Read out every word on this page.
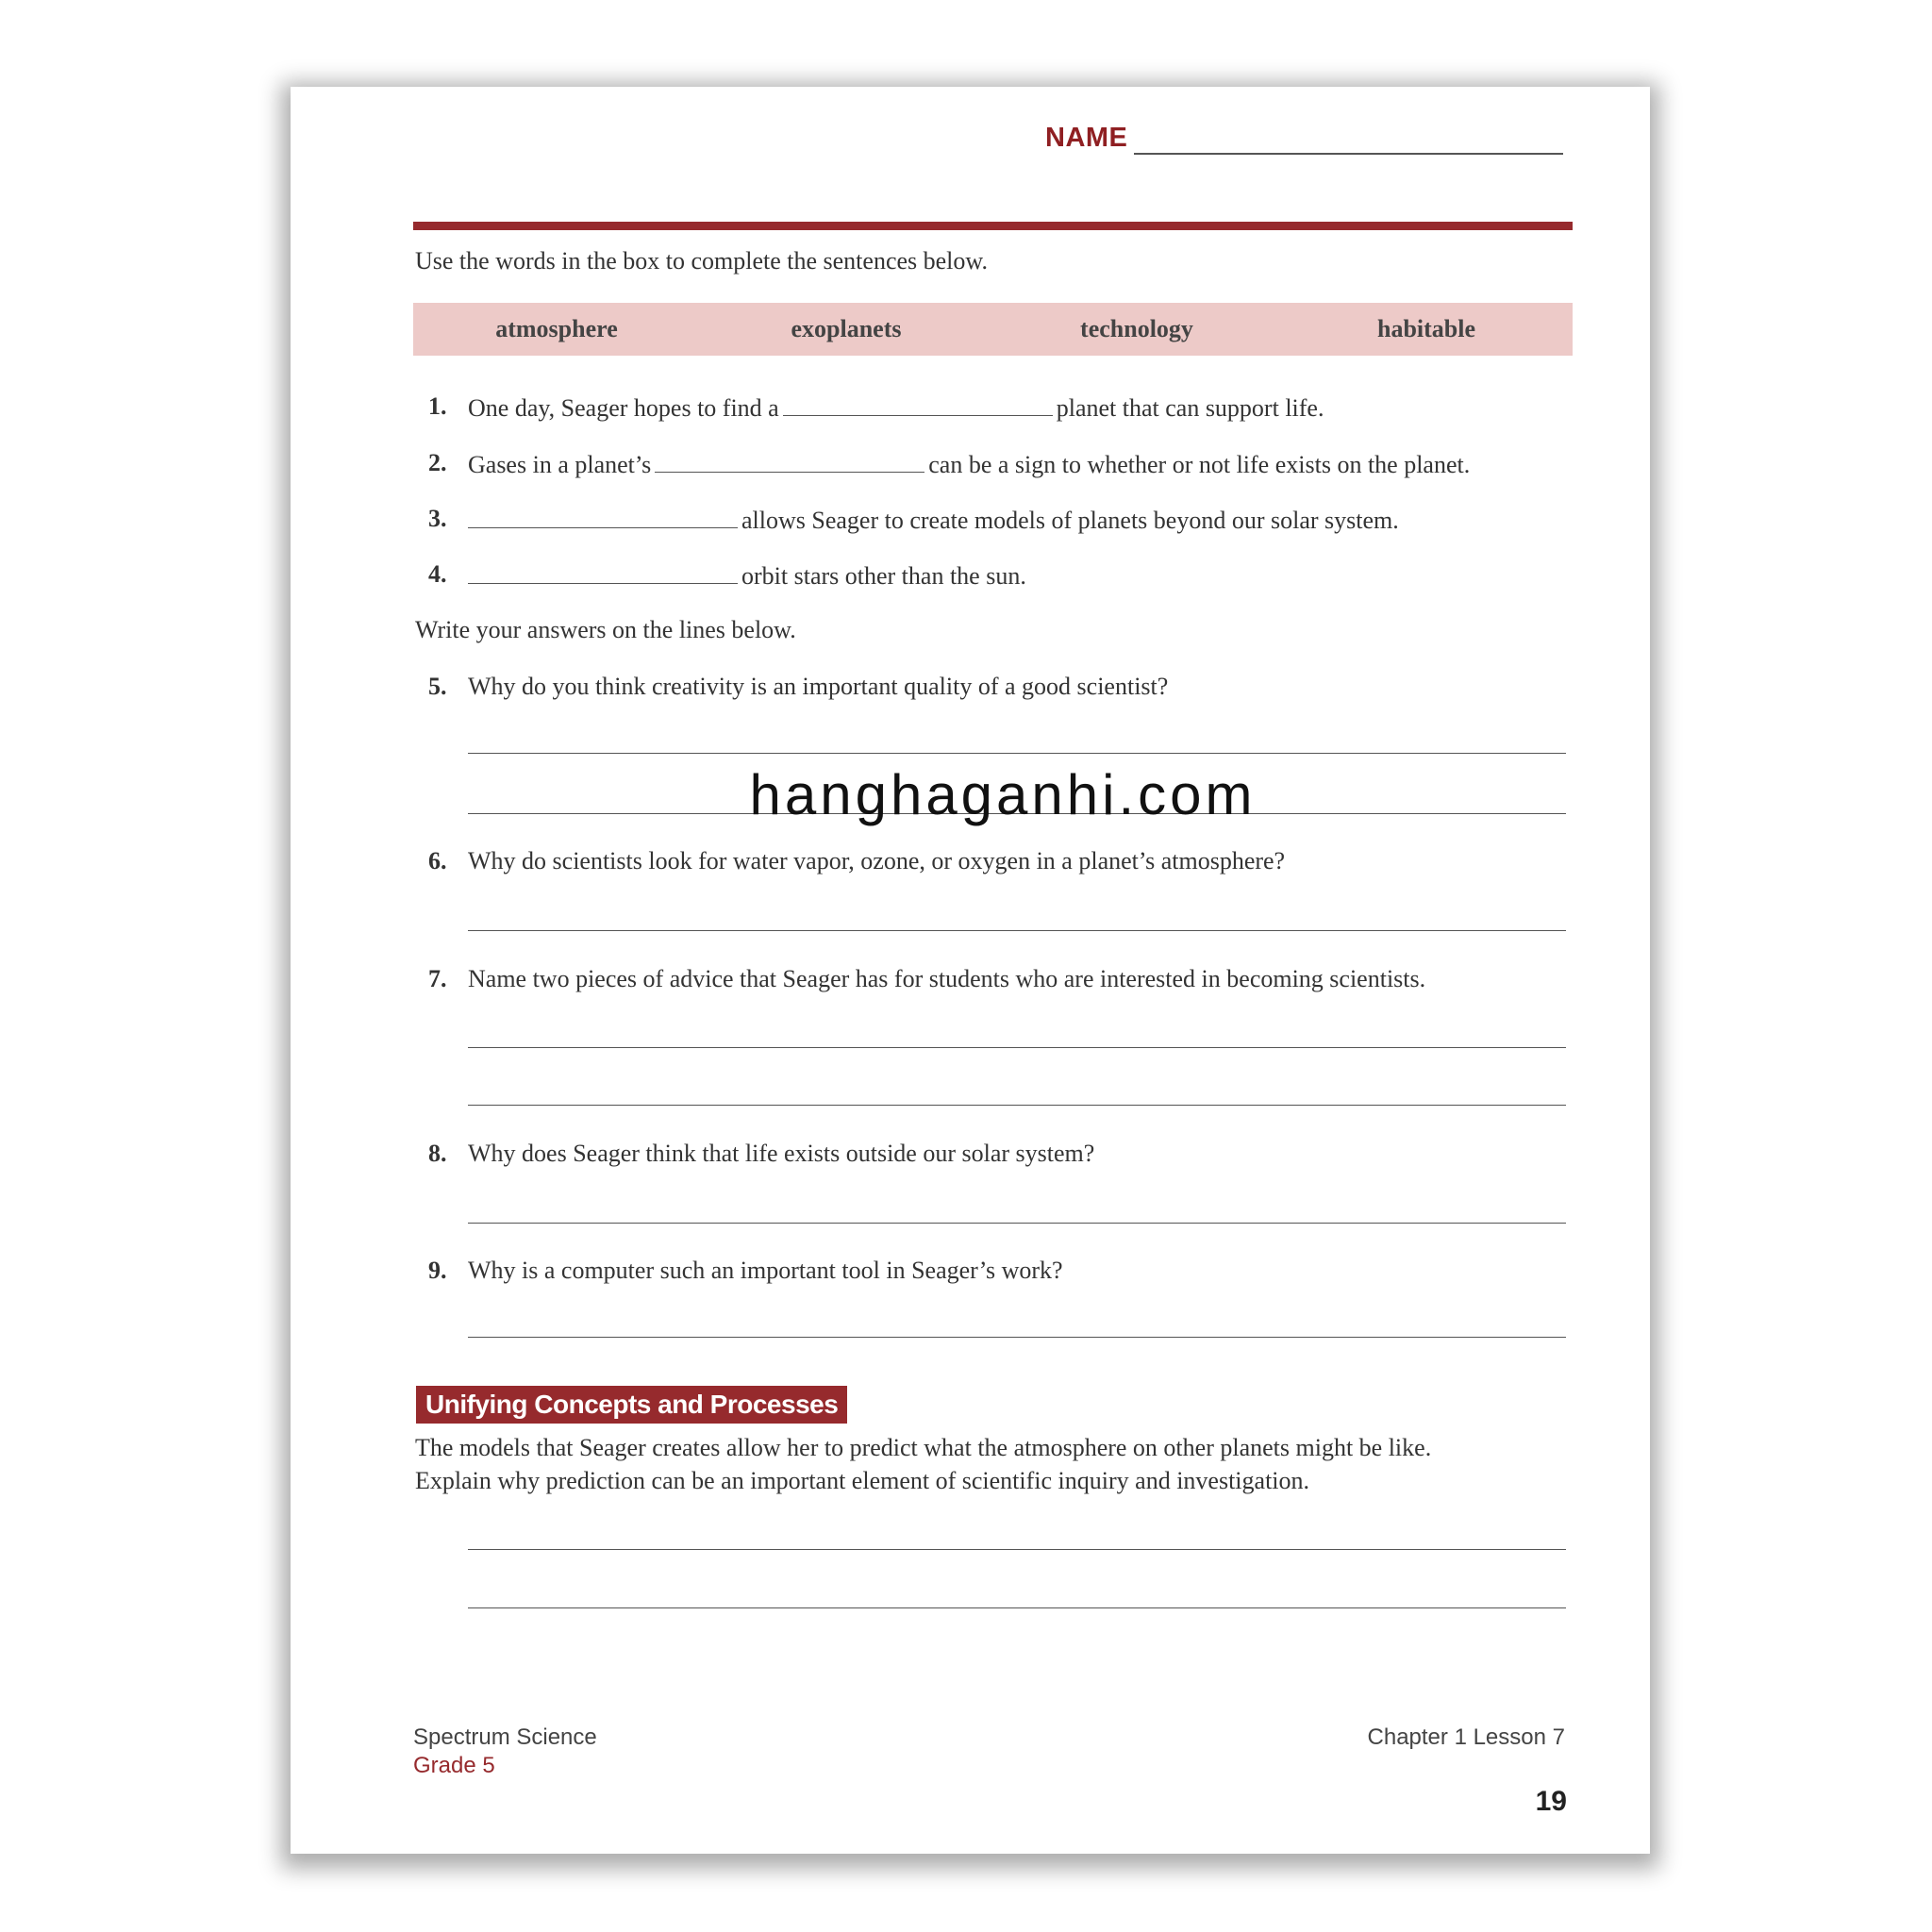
NAME
Use the words in the box to complete the sentences below.
atmosphere	exoplanets	technology	habitable
1. One day, Seager hopes to find a	planet that can support life.
2. Gases in a planet’s	can be a sign to whether or not life exists on the planet.
3.	allows Seager to create models of planets beyond our solar system.
4.	orbit stars other than the sun.
Write your answers on the lines below.
5. Why do you think creativity is an important quality of a good scientist?
6. Why do scientists look for water vapor, ozone, or oxygen in a planet’s atmosphere?
7. Name two pieces of advice that Seager has for students who are interested in becoming scientists.
8. Why does Seager think that life exists outside our solar system?
9. Why is a computer such an important tool in Seager’s work?
Unifying Concepts and Processes
The models that Seager creates allow her to predict what the atmosphere on other planets might be like.
Explain why prediction can be an important element of scientific inquiry and investigation.
hanghaganhi.com
Spectrum Science
Grade 5
Chapter 1 Lesson 7
19
